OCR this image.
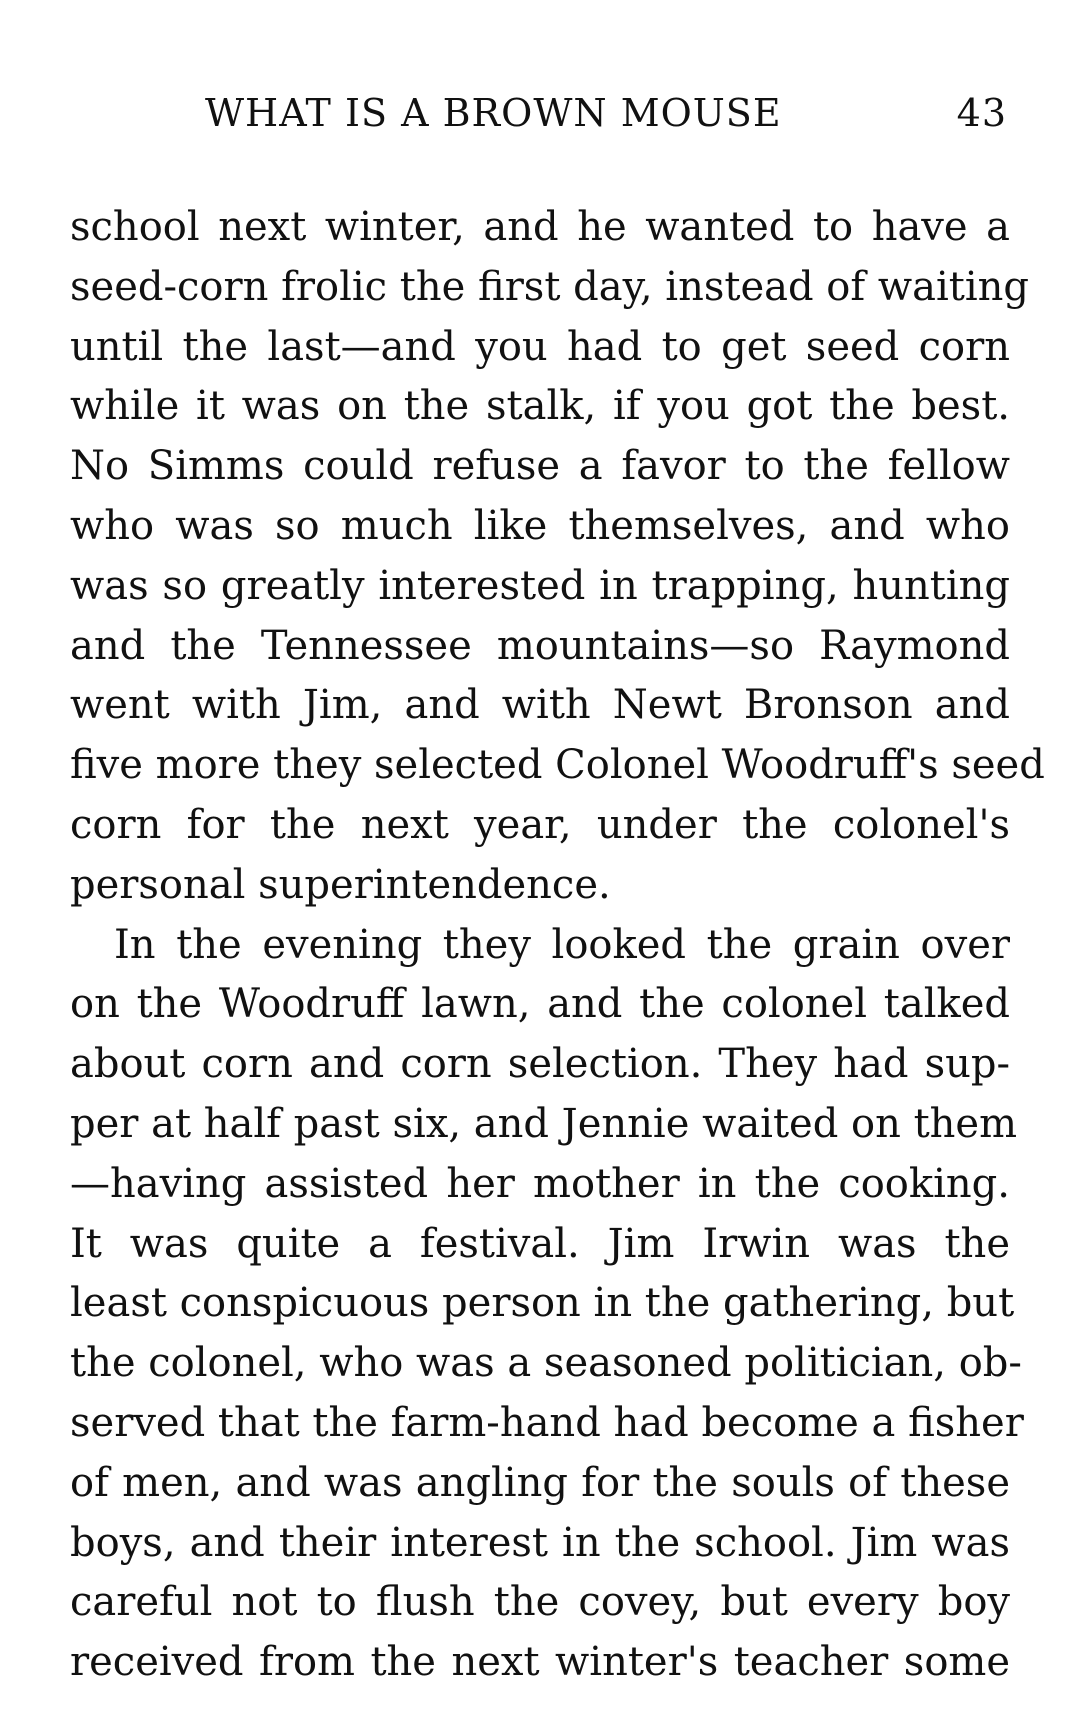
WHAT IS A BROWN MOUSE	43
school next winter, and he wanted to have a
seed-corn frolic the first day, instead of waiting
until the last—and you had to get seed corn
while it was on the stalk, if you got the best.
No Simms could refuse a favor to the fellow
who was so much like themselves, and who
was so greatly interested in trapping, hunting
and the Tennessee mountains—so Raymond
went with Jim, and with Newt Bronson and
five more they selected Colonel Woodruff's seed
corn for the next year, under the colonel's
personal superintendence.
In the evening they looked the grain over
on the Woodruff lawn, and the colonel talked
about corn and corn selection. They had sup-
per at half past six, and Jennie waited on them
—having assisted her mother in the cooking.
It was quite a festival. Jim Irwin was the
least conspicuous person in the gathering, but
the colonel, who was a seasoned politician, ob-
served that the farm-hand had become a fisher
of men, and was angling for the souls of these
boys, and their interest in the school. Jim was
careful not to flush the covey, but every boy
received from the next winter's teacher some
